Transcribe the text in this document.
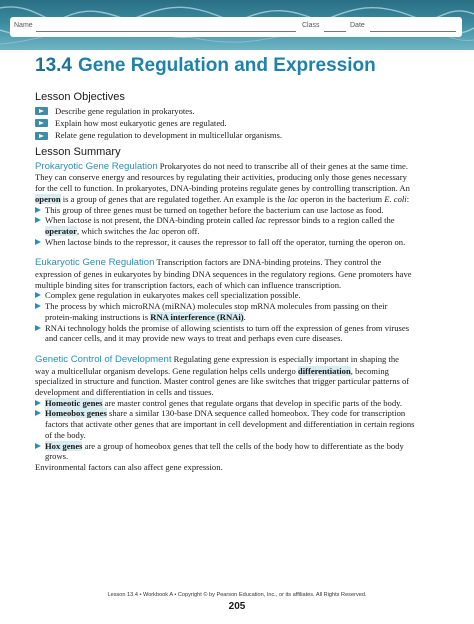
Name	Class	Date
13.4 Gene Regulation and Expression
Lesson Objectives
Describe gene regulation in prokaryotes.
Explain how most eukaryotic genes are regulated.
Relate gene regulation to development in multicellular organisms.
Lesson Summary

Prokaryotic Gene Regulation Prokaryotes do not need to transcribe all of their genes at the same time. They can conserve energy and resources by regulating their activities, producing only those genes necessary for the cell to function. In prokaryotes, DNA-binding proteins regulate genes by controlling transcription. An operon is a group of genes that are regulated together. An example is the lac operon in the bacterium E. coli:

This group of three genes must be turned on together before the bacterium can use lactose as food.
When lactose is not present, the DNA-binding protein called lac repressor binds to a region called the operator, which switches the lac operon off.
When lactose binds to the repressor, it causes the repressor to fall off the operator, turning the operon on.

Eukaryotic Gene Regulation Transcription factors are DNA-binding proteins. They control the expression of genes in eukaryotes by binding DNA sequences in the regulatory regions. Gene promoters have multiple binding sites for transcription factors, each of which can influence transcription.

Complex gene regulation in eukaryotes makes cell specialization possible.
The process by which microRNA (miRNA) molecules stop mRNA molecules from passing on their protein-making instructions is RNA interference (RNAi).
RNAi technology holds the promise of allowing scientists to turn off the expression of genes from viruses and cancer cells, and it may provide new ways to treat and perhaps even cure diseases.

Genetic Control of Development Regulating gene expression is especially important in shaping the way a multicellular organism develops. Gene regulation helps cells undergo differentiation, becoming specialized in structure and function. Master control genes are like switches that trigger particular patterns of development and differentiation in cells and tissues.

Homeotic genes are master control genes that regulate organs that develop in specific parts of the body.
Homeobox genes share a similar 130-base DNA sequence called homeobox. They code for transcription factors that activate other genes that are important in cell development and differentiation in certain regions of the body.
Hox genes are a group of homeobox genes that tell the cells of the body how to differentiate as the body grows.

Environmental factors can also affect gene expression.

Lesson 13.4 • Workbook A • Copyright © by Pearson Education, Inc., or its affiliates. All Rights Reserved.
205
